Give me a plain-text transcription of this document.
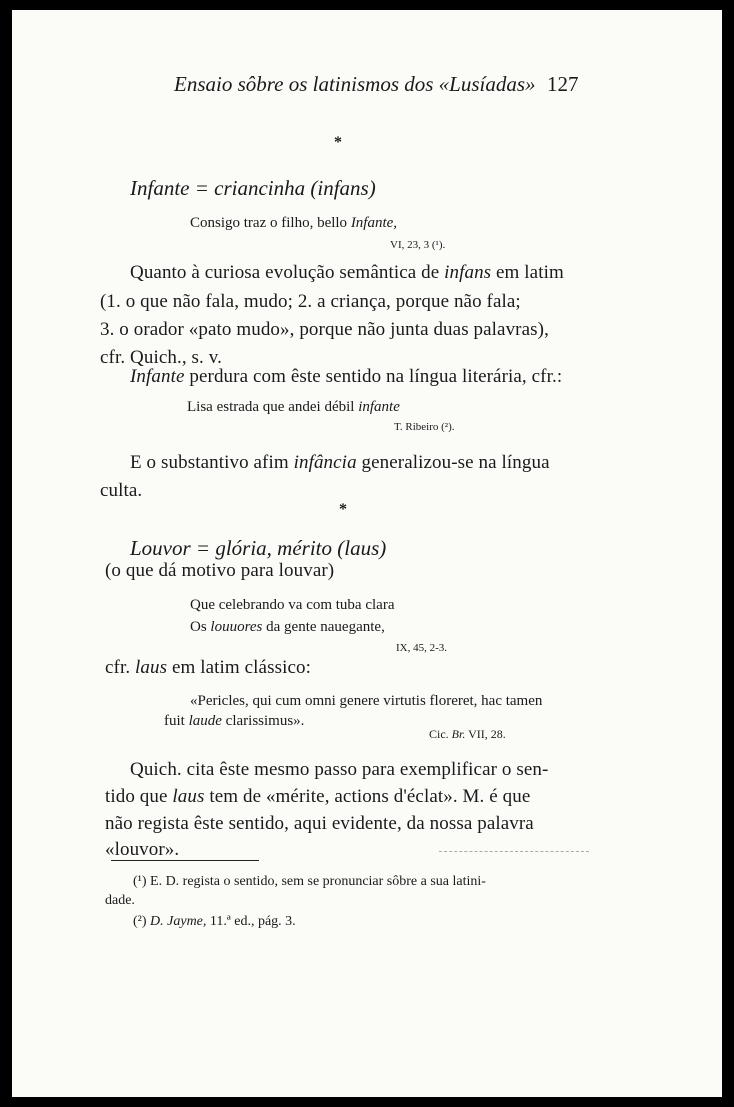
Ensaio sôbre os latinismos dos «Lusíadas» 127
*
Infante = criancinha (infans)
Consigo traz o filho, bello Infante,
VI, 23, 3 (¹).
Quanto à curiosa evolução semântica de infans em latim
(1. o que não fala, mudo; 2. a criança, porque não fala;
3. o orador «pato mudo», porque não junta duas palavras),
cfr. Quich., s. v.
Infante perdura com êste sentido na língua literária, cfr.:
Lisa estrada que andei débil infante
T. Ribeiro (²).
E o substantivo afim infância generalizou-se na língua
culta.
*
Louvor = glória, mérito (laus)
(o que dá motivo para louvar)
Que celebrando va com tuba clara
Os louuores da gente nauegante,
IX, 45, 2-3.
cfr. laus em latim clássico:
«Pericles, qui cum omni genere virtutis floreret, hac tamen
fuit laude clarissimus».
Cic. Br. VII, 28.
Quich. cita êste mesmo passo para exemplificar o sen-
tido que laus tem de «mérite, actions d'éclat». M. é que
não regista êste sentido, aqui evidente, da nossa palavra
«louvor».
(¹) E. D. regista o sentido, sem se pronunciar sôbre a sua latini-
dade.
(²) D. Jayme, 11.ª ed., pág. 3.
